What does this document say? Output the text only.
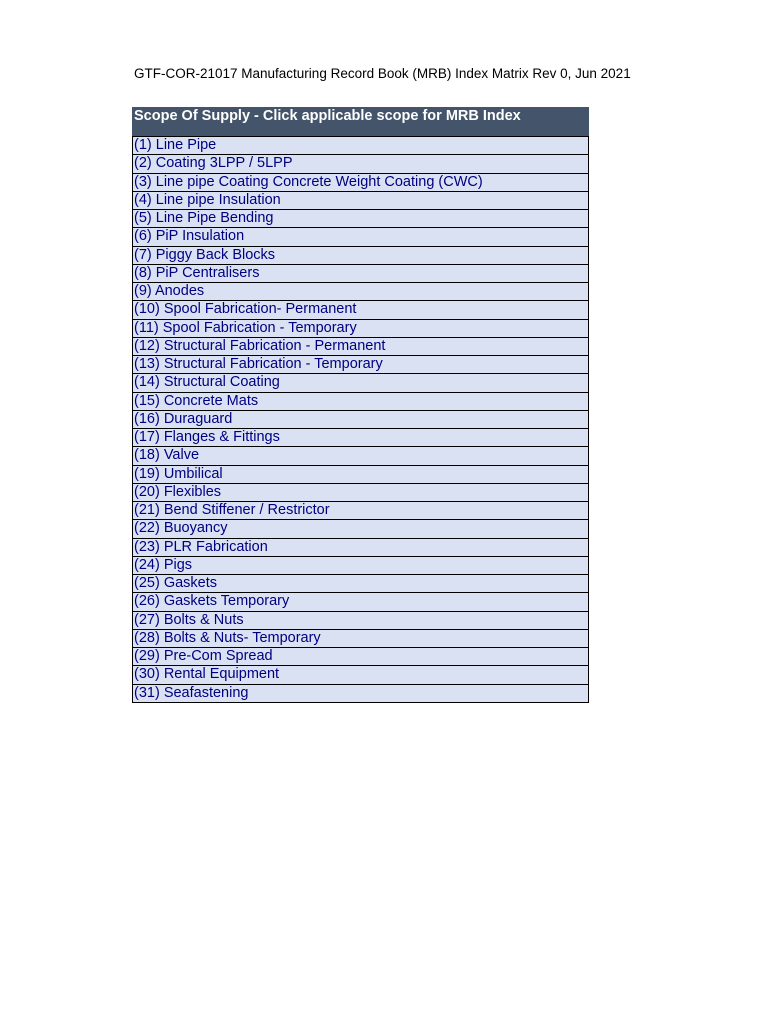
GTF-COR-21017 Manufacturing Record Book (MRB) Index Matrix Rev 0, Jun 2021
Scope Of Supply - Click applicable scope for MRB Index
(1) Line Pipe
(2) Coating 3LPP / 5LPP
(3) Line pipe Coating Concrete Weight Coating (CWC)
(4) Line pipe Insulation
(5) Line Pipe Bending
(6) PiP Insulation
(7) Piggy Back Blocks
(8) PiP Centralisers
(9) Anodes
(10) Spool Fabrication- Permanent
(11) Spool Fabrication - Temporary
(12) Structural Fabrication - Permanent
(13) Structural Fabrication - Temporary
(14) Structural Coating
(15) Concrete Mats
(16) Duraguard
(17) Flanges & Fittings
(18) Valve
(19) Umbilical
(20) Flexibles
(21) Bend Stiffener / Restrictor
(22) Buoyancy
(23) PLR Fabrication
(24) Pigs
(25) Gaskets
(26) Gaskets Temporary
(27) Bolts & Nuts
(28) Bolts & Nuts- Temporary
(29) Pre-Com Spread
(30) Rental Equipment
(31) Seafastening
